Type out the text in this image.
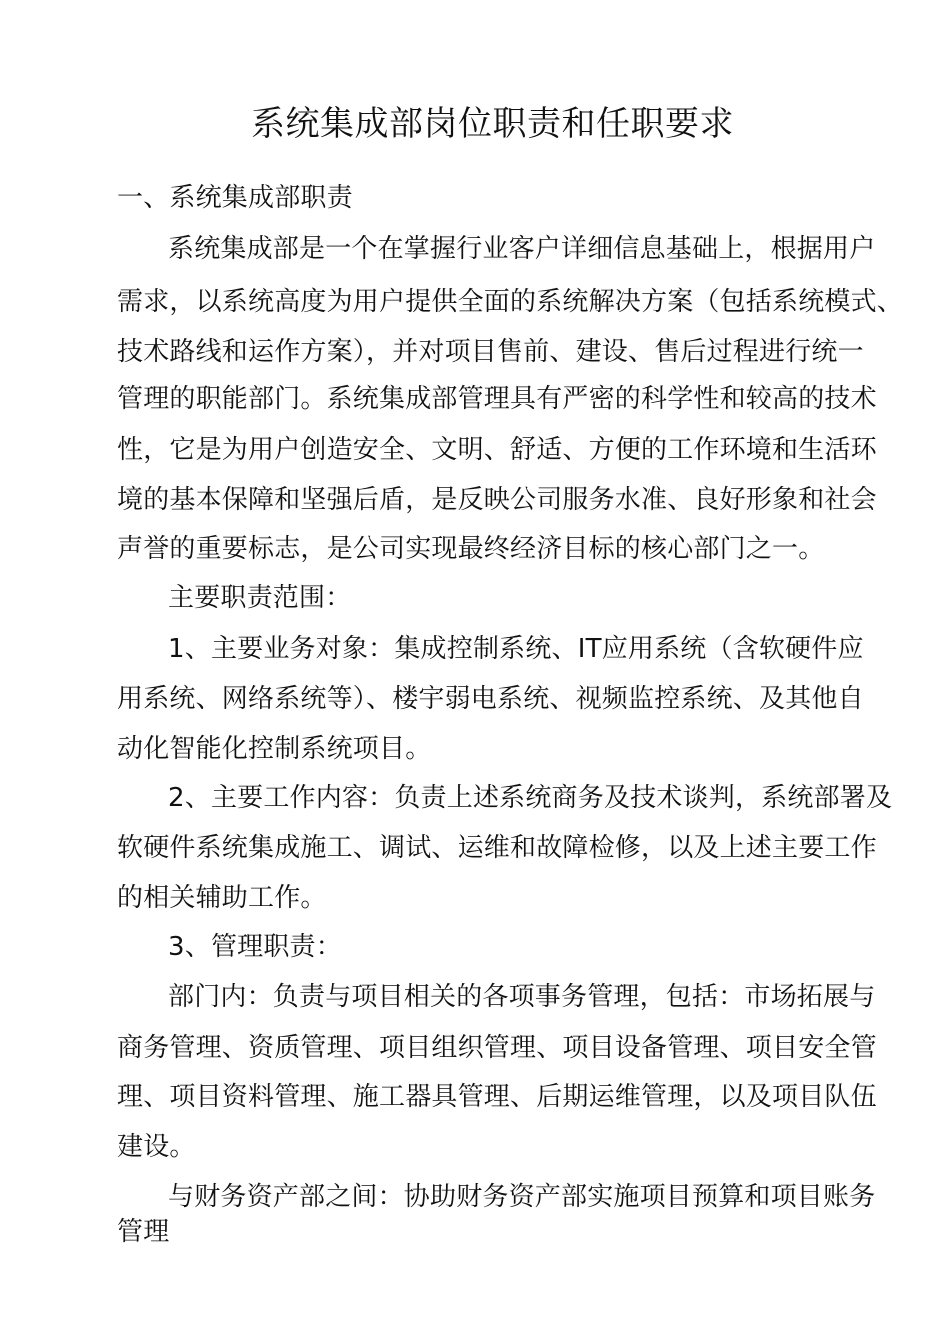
系统集成部岗位职责和任职要求
一、系统集成部职责
系统集成部是一个在掌握行业客户详细信息基础上，根据用户
需求，以系统高度为用户提供全面的系统解决方案（包括系统模式、
技术路线和运作方案），并对项目售前、建设、售后过程进行统一
管理的职能部门。系统集成部管理具有严密的科学性和较高的技术
性，它是为用户创造安全、文明、舒适、方便的工作环境和生活环
境的基本保障和坚强后盾，是反映公司服务水准、良好形象和社会
声誉的重要标志，是公司实现最终经济目标的核心部门之一。
主要职责范围：
1、主要业务对象：集成控制系统、IT应用系统（含软硬件应
用系统、网络系统等）、楼宇弱电系统、视频监控系统、及其他自
动化智能化控制系统项目。
2、主要工作内容：负责上述系统商务及技术谈判，系统部署及
软硬件系统集成施工、调试、运维和故障检修，以及上述主要工作
的相关辅助工作。
3、管理职责：
部门内：负责与项目相关的各项事务管理，包括：市场拓展与
商务管理、资质管理、项目组织管理、项目设备管理、项目安全管
理、项目资料管理、施工器具管理、后期运维管理，以及项目队伍
建设。
与财务资产部之间：协助财务资产部实施项目预算和项目账务
管理
